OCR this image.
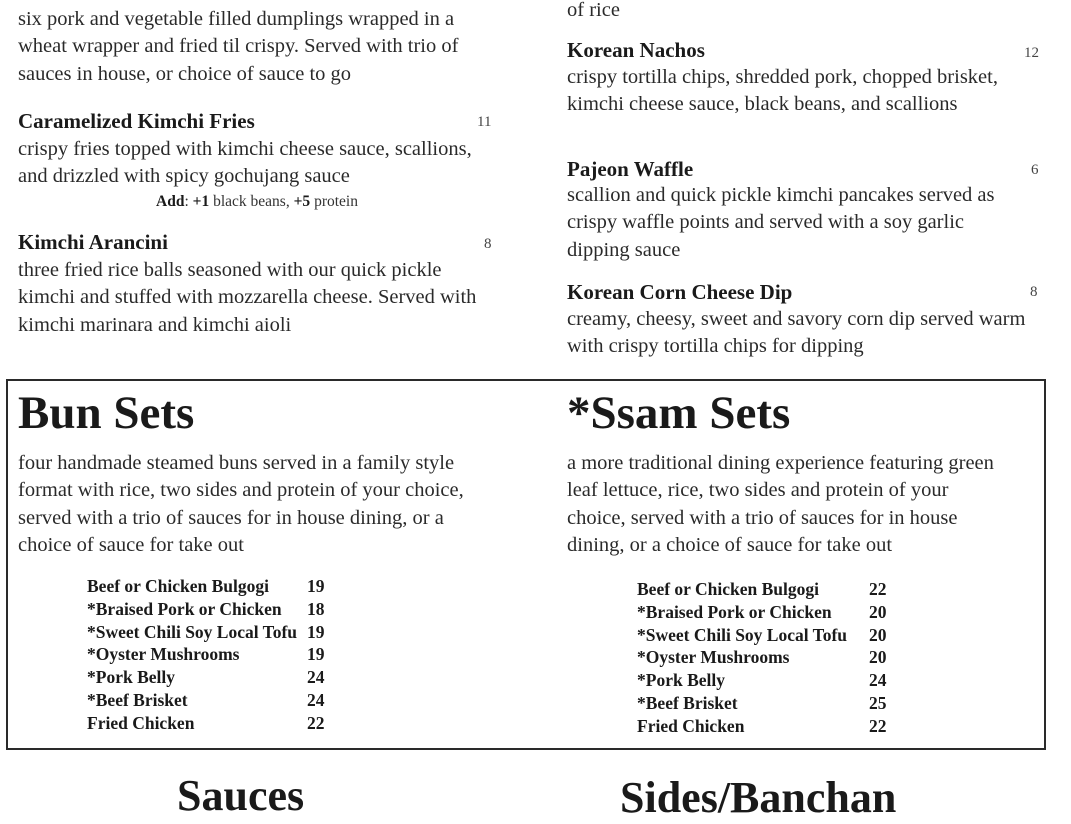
six pork and vegetable filled dumplings wrapped in a wheat wrapper and fried til crispy. Served with trio of sauces in house, or choice of sauce to go
Caramelized Kimchi Fries	11
crispy fries topped with kimchi cheese sauce, scallions, and drizzled with spicy gochujang sauce
Add: +1 black beans, +5 protein
Kimchi Arancini	8
three fried rice balls seasoned with our quick pickle kimchi and stuffed with mozzarella cheese. Served with kimchi marinara and kimchi aioli
of rice
Korean Nachos	12
crispy tortilla chips, shredded pork, chopped brisket, kimchi cheese sauce, black beans, and scallions
Pajeon Waffle	6
scallion and quick pickle kimchi pancakes served as crispy waffle points and served with a soy garlic dipping sauce
Korean Corn Cheese Dip	8
creamy, cheesy, sweet and savory corn dip served warm with crispy tortilla chips for dipping
Bun Sets
four handmade steamed buns served in a family style format with rice, two sides and protein of your choice, served with a trio of sauces for in house dining, or a choice of sauce for take out
Beef or Chicken Bulgogi	19
*Braised Pork or Chicken	18
*Sweet Chili Soy Local Tofu	19
*Oyster Mushrooms	19
*Pork Belly	24
*Beef Brisket	24
Fried Chicken	22
*Ssam Sets
a more traditional dining experience featuring green leaf lettuce, rice, two sides and protein of your choice, served with a trio of sauces for in house dining, or a choice of sauce for take out
Beef or Chicken Bulgogi	22
*Braised Pork or Chicken	20
*Sweet Chili Soy Local Tofu	20
*Oyster Mushrooms	20
*Pork Belly	24
*Beef Brisket	25
Fried Chicken	22
Sauces	Sides/Banchan
